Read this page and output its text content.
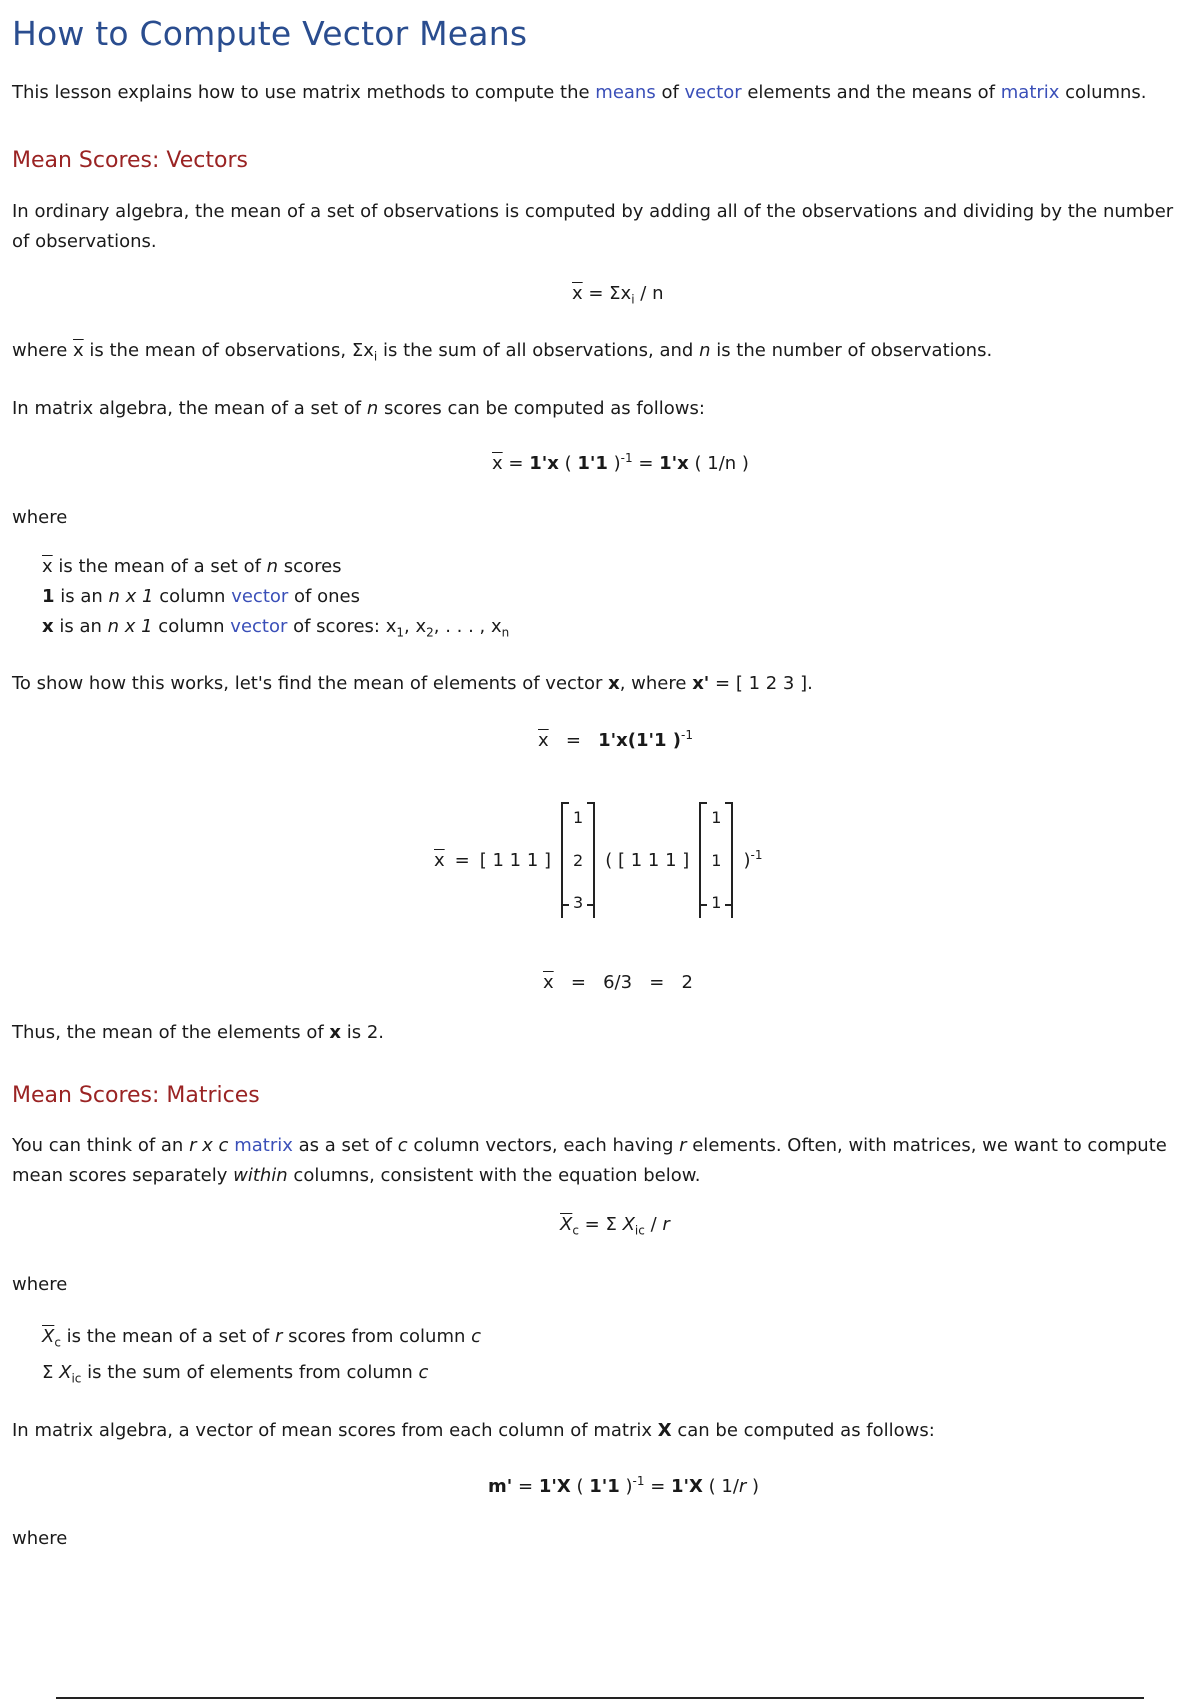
How to Compute Vector Means
This lesson explains how to use matrix methods to compute the means of vector elements and the means of matrix columns.
Mean Scores: Vectors
In ordinary algebra, the mean of a set of observations is computed by adding all of the observations and dividing by the number of observations.
$\overline{x} = \Sigma x_i / n$
where $\overline{x}$ is the mean of observations, $\Sigma x_i$ is the sum of all observations, and n is the number of observations.
In matrix algebra, the mean of a set of n scores can be computed as follows:
$\overline{x} = 1'x$ ( 1'1 )$^{-1}$ = 1'x ( 1/n )
where
$\overline{x}$ is the mean of a set of n scores
1 is an n x 1 column vector of ones
x is an n x 1 column vector of scores: $x_1$, $x_2$, . . . , $x_n$
To show how this works, let's find the mean of elements of vector x, where x' = [ 1 2 3 ].
$\overline{x} = 1'x(1'1$ )$^{-1}$
$\overline{x}$ = [ 1 1 1 ]
1
2
3
( [ 1 1 1 ]
1
1
1
)$^{-1}$
$\overline{x} = 6/3 = 2$
Thus, the mean of the elements of x is 2.
Mean Scores: Matrices
You can think of an r x c matrix as a set of c column vectors, each having r elements. Often, with matrices, we want to compute mean scores separately within columns, consistent with the equation below.
$\overline{X}_c = \Sigma$ $X_{ic}$ / r
where
$\overline{X}_c$ is the mean of a set of r scores from column c
Σ $X_{ic}$ is the sum of elements from column c
In matrix algebra, a vector of mean scores from each column of matrix X can be computed as follows:
m' = 1'X ( 1'1 )$^{-1}$ = 1'X ( 1/r )
where
